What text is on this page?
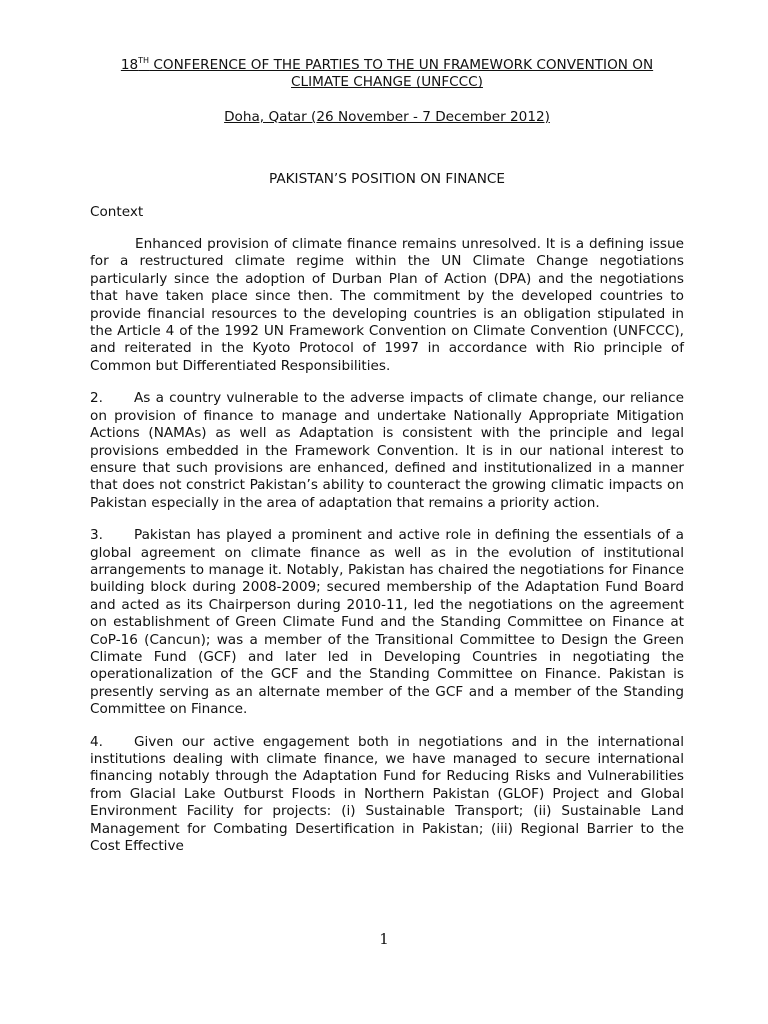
18TH CONFERENCE OF THE PARTIES TO THE UN FRAMEWORK CONVENTION ON CLIMATE CHANGE (UNFCCC)

Doha, Qatar (26 November - 7 December 2012)

PAKISTAN’S POSITION ON FINANCE

Context

Enhanced provision of climate finance remains unresolved. It is a defining issue for a restructured climate regime within the UN Climate Change negotiations particularly since the adoption of Durban Plan of Action (DPA) and the negotiations that have taken place since then. The commitment by the developed countries to provide financial resources to the developing countries is an obligation stipulated in the Article 4 of the 1992 UN Framework Convention on Climate Convention (UNFCCC), and reiterated in the Kyoto Protocol of 1997 in accordance with Rio principle of Common but Differentiated Responsibilities.

2. As a country vulnerable to the adverse impacts of climate change, our reliance on provision of finance to manage and undertake Nationally Appropriate Mitigation Actions (NAMAs) as well as Adaptation is consistent with the principle and legal provisions embedded in the Framework Convention. It is in our national interest to ensure that such provisions are enhanced, defined and institutionalized in a manner that does not constrict Pakistan’s ability to counteract the growing climatic impacts on Pakistan especially in the area of adaptation that remains a priority action.

3. Pakistan has played a prominent and active role in defining the essentials of a global agreement on climate finance as well as in the evolution of institutional arrangements to manage it. Notably, Pakistan has chaired the negotiations for Finance building block during 2008-2009; secured membership of the Adaptation Fund Board and acted as its Chairperson during 2010-11, led the negotiations on the agreement on establishment of Green Climate Fund and the Standing Committee on Finance at CoP-16 (Cancun); was a member of the Transitional Committee to Design the Green Climate Fund (GCF) and later led in Developing Countries in negotiating the operationalization of the GCF and the Standing Committee on Finance. Pakistan is presently serving as an alternate member of the GCF and a member of the Standing Committee on Finance.

4. Given our active engagement both in negotiations and in the international institutions dealing with climate finance, we have managed to secure international financing notably through the Adaptation Fund for Reducing Risks and Vulnerabilities from Glacial Lake Outburst Floods in Northern Pakistan (GLOF) Project and Global Environment Facility for projects: (i) Sustainable Transport; (ii) Sustainable Land Management for Combating Desertification in Pakistan; (iii) Regional Barrier to the Cost Effective

1
